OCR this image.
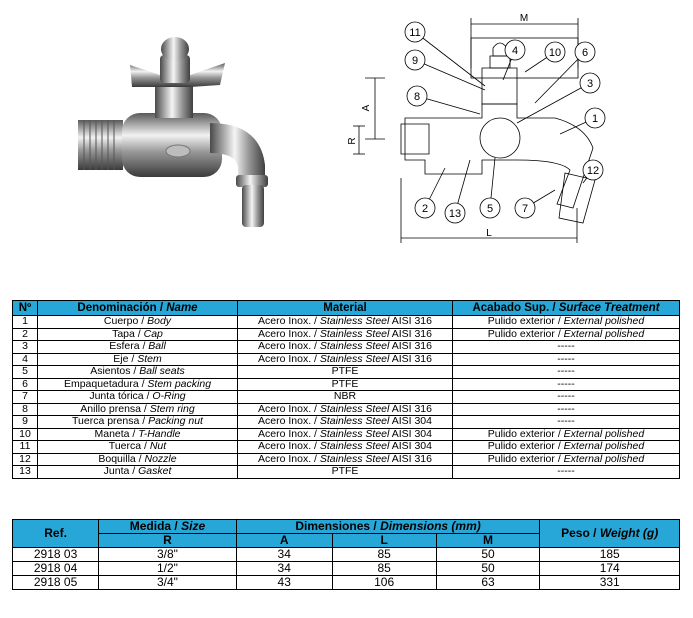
M
A
R
L
11
4	10 6
9
3
8
1
12
2 13 5	7
Nº	Denominación / Name	Material	Acabado Sup. / Surface Treatment
1	Cuerpo / Body	Acero Inox. / Stainless Steel AISI 316	Pulido exterior / External polished
2	Tapa / Cap	Acero Inox. / Stainless Steel AISI 316	Pulido exterior / External polished
3	Esfera / Ball	Acero Inox. / Stainless Steel AISI 316	-----
4	Eje / Stem	Acero Inox. / Stainless Steel AISI 316	-----
5	Asientos / Ball seats	PTFE	-----
6	Empaquetadura / Stem packing	PTFE	-----
7	Junta tórica / O-Ring	NBR	-----
8	Anillo prensa / Stem ring	Acero Inox. / Stainless Steel AISI 316	-----
9	Tuerca prensa / Packing nut	Acero Inox. / Stainless Steel AISI 304	-----
10	Maneta / T-Handle	Acero Inox. / Stainless Steel AISI 304	Pulido exterior / External polished
11	Tuerca / Nut	Acero Inox. / Stainless Steel AISI 304	Pulido exterior / External polished
12	Boquilla / Nozzle	Acero Inox. / Stainless Steel AISI 316	Pulido exterior / External polished
13	Junta / Gasket	PTFE	-----
Ref.	Medida / Size	Dimensiones / Dimensions (mm)			Peso / Weight (g)
	R	A	L	M	
2918 03	3/8"	34	85	50	185
2918 04	1/2"	34	85	50	174
2918 05	3/4"	43	106	63	331
